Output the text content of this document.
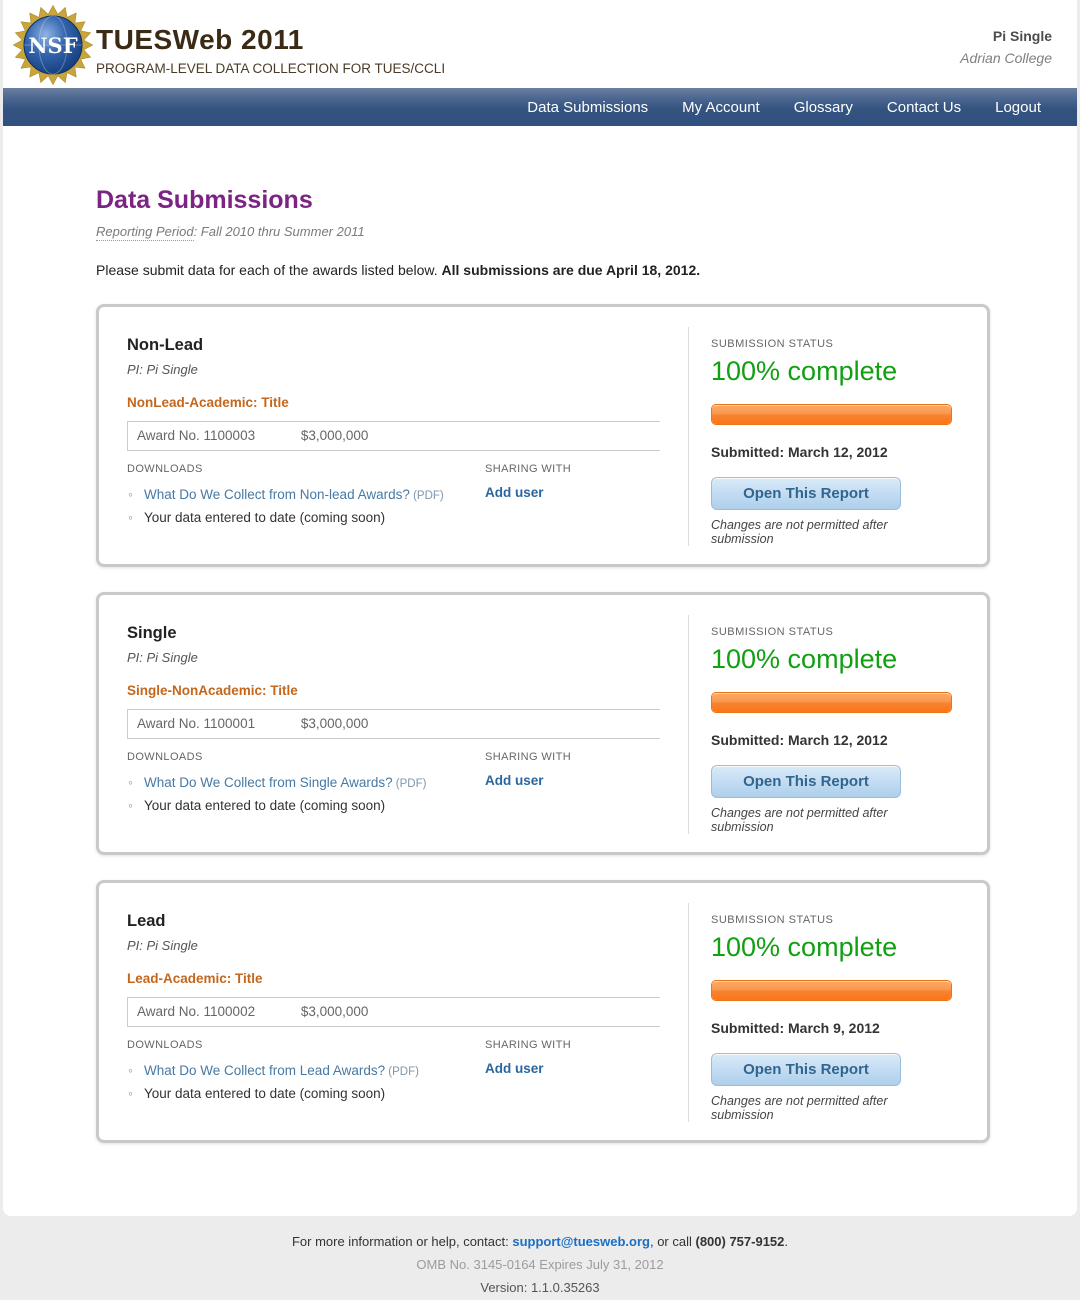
NSF TUESWeb 2011
PROGRAM-LEVEL DATA COLLECTION FOR TUES/CCLI
Pi Single
Adrian College
Data Submissions My Account Glossary Contact Us Logout
Data Submissions
Reporting Period: Fall 2010 thru Summer 2011
Please submit data for each of the awards listed below. All submissions are due April 18, 2012.
Non-Lead
PI: Pi Single
NonLead-Academic: Title
Award No. 1100003	$3,000,000
DOWNLOADS
◦ What Do We Collect from Non-lead Awards? (PDF)
◦ Your data entered to date (coming soon)
SHARING WITH
Add user
SUBMISSION STATUS
100% complete
Submitted: March 12, 2012
Open This Report
Changes are not permitted after submission
Single
PI: Pi Single
Single-NonAcademic: Title
Award No. 1100001	$3,000,000
DOWNLOADS
◦ What Do We Collect from Single Awards? (PDF)
◦ Your data entered to date (coming soon)
SHARING WITH
Add user
SUBMISSION STATUS
100% complete
Submitted: March 12, 2012
Open This Report
Changes are not permitted after submission
Lead
PI: Pi Single
Lead-Academic: Title
Award No. 1100002	$3,000,000
DOWNLOADS
◦ What Do We Collect from Lead Awards? (PDF)
◦ Your data entered to date (coming soon)
SHARING WITH
Add user
SUBMISSION STATUS
100% complete
Submitted: March 9, 2012
Open This Report
Changes are not permitted after submission
For more information or help, contact: support@tuesweb.org, or call (800) 757-9152.
OMB No. 3145-0164 Expires July 31, 2012
Version: 1.1.0.35263
